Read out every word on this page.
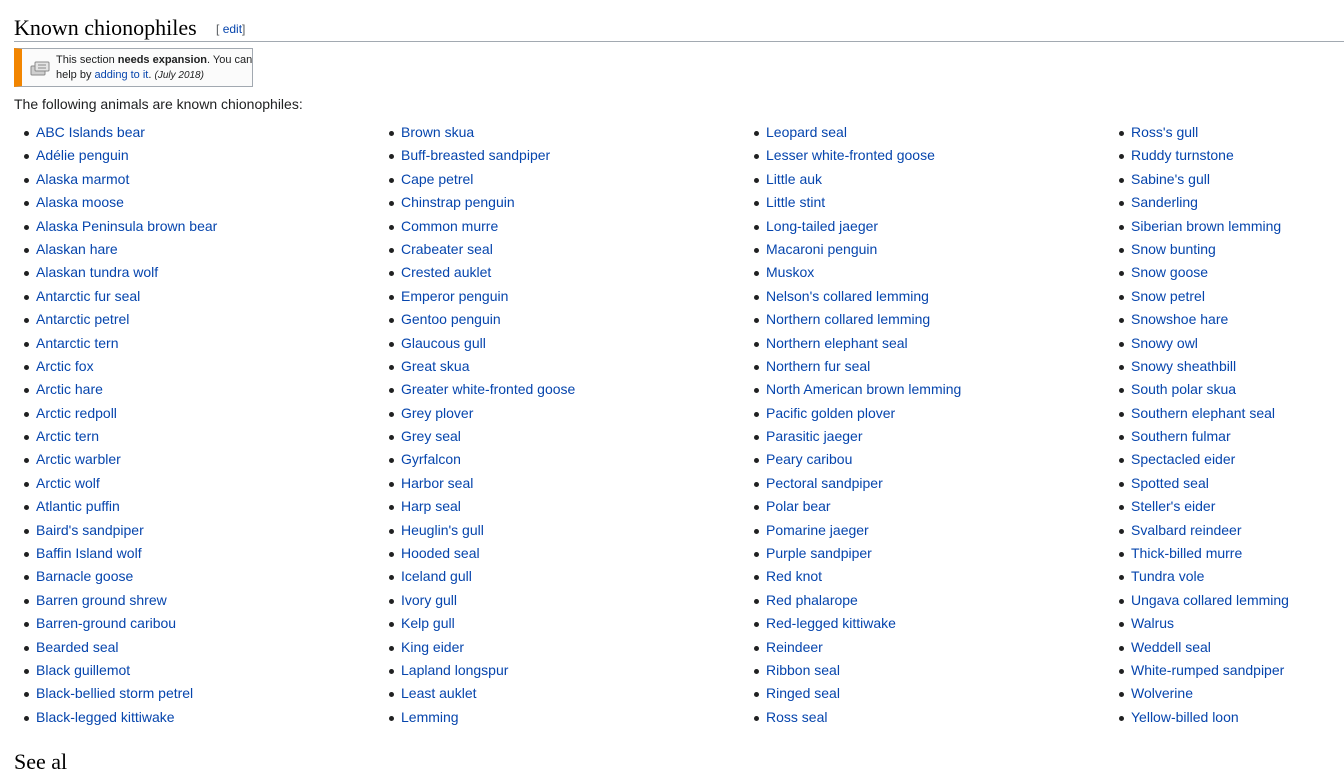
Known chionophiles [ edit]
This section needs expansion. You can help by adding to it. (July 2018)
The following animals are known chionophiles:
ABC Islands bear
Adélie penguin
Alaska marmot
Alaska moose
Alaska Peninsula brown bear
Alaskan hare
Alaskan tundra wolf
Antarctic fur seal
Antarctic petrel
Antarctic tern
Arctic fox
Arctic hare
Arctic redpoll
Arctic tern
Arctic warbler
Arctic wolf
Atlantic puffin
Baird's sandpiper
Baffin Island wolf
Barnacle goose
Barren ground shrew
Barren-ground caribou
Bearded seal
Black guillemot
Black-bellied storm petrel
Black-legged kittiwake
Brown skua
Buff-breasted sandpiper
Cape petrel
Chinstrap penguin
Common murre
Crabeater seal
Crested auklet
Emperor penguin
Gentoo penguin
Glaucous gull
Great skua
Greater white-fronted goose
Grey plover
Grey seal
Gyrfalcon
Harbor seal
Harp seal
Heuglin's gull
Hooded seal
Iceland gull
Ivory gull
Kelp gull
King eider
Lapland longspur
Least auklet
Lemming
Leopard seal
Lesser white-fronted goose
Little auk
Little stint
Long-tailed jaeger
Macaroni penguin
Muskox
Nelson's collared lemming
Northern collared lemming
Northern elephant seal
Northern fur seal
North American brown lemming
Pacific golden plover
Parasitic jaeger
Peary caribou
Pectoral sandpiper
Polar bear
Pomarine jaeger
Purple sandpiper
Red knot
Red phalarope
Red-legged kittiwake
Reindeer
Ribbon seal
Ringed seal
Ross seal
Ross's gull
Ruddy turnstone
Sabine's gull
Sanderling
Siberian brown lemming
Snow bunting
Snow goose
Snow petrel
Snowshoe hare
Snowy owl
Snowy sheathbill
South polar skua
Southern elephant seal
Southern fulmar
Spectacled eider
Spotted seal
Steller's eider
Svalbard reindeer
Thick-billed murre
Tundra vole
Ungava collared lemming
Walrus
Weddell seal
White-rumped sandpiper
Wolverine
Yellow-billed loon
See al
